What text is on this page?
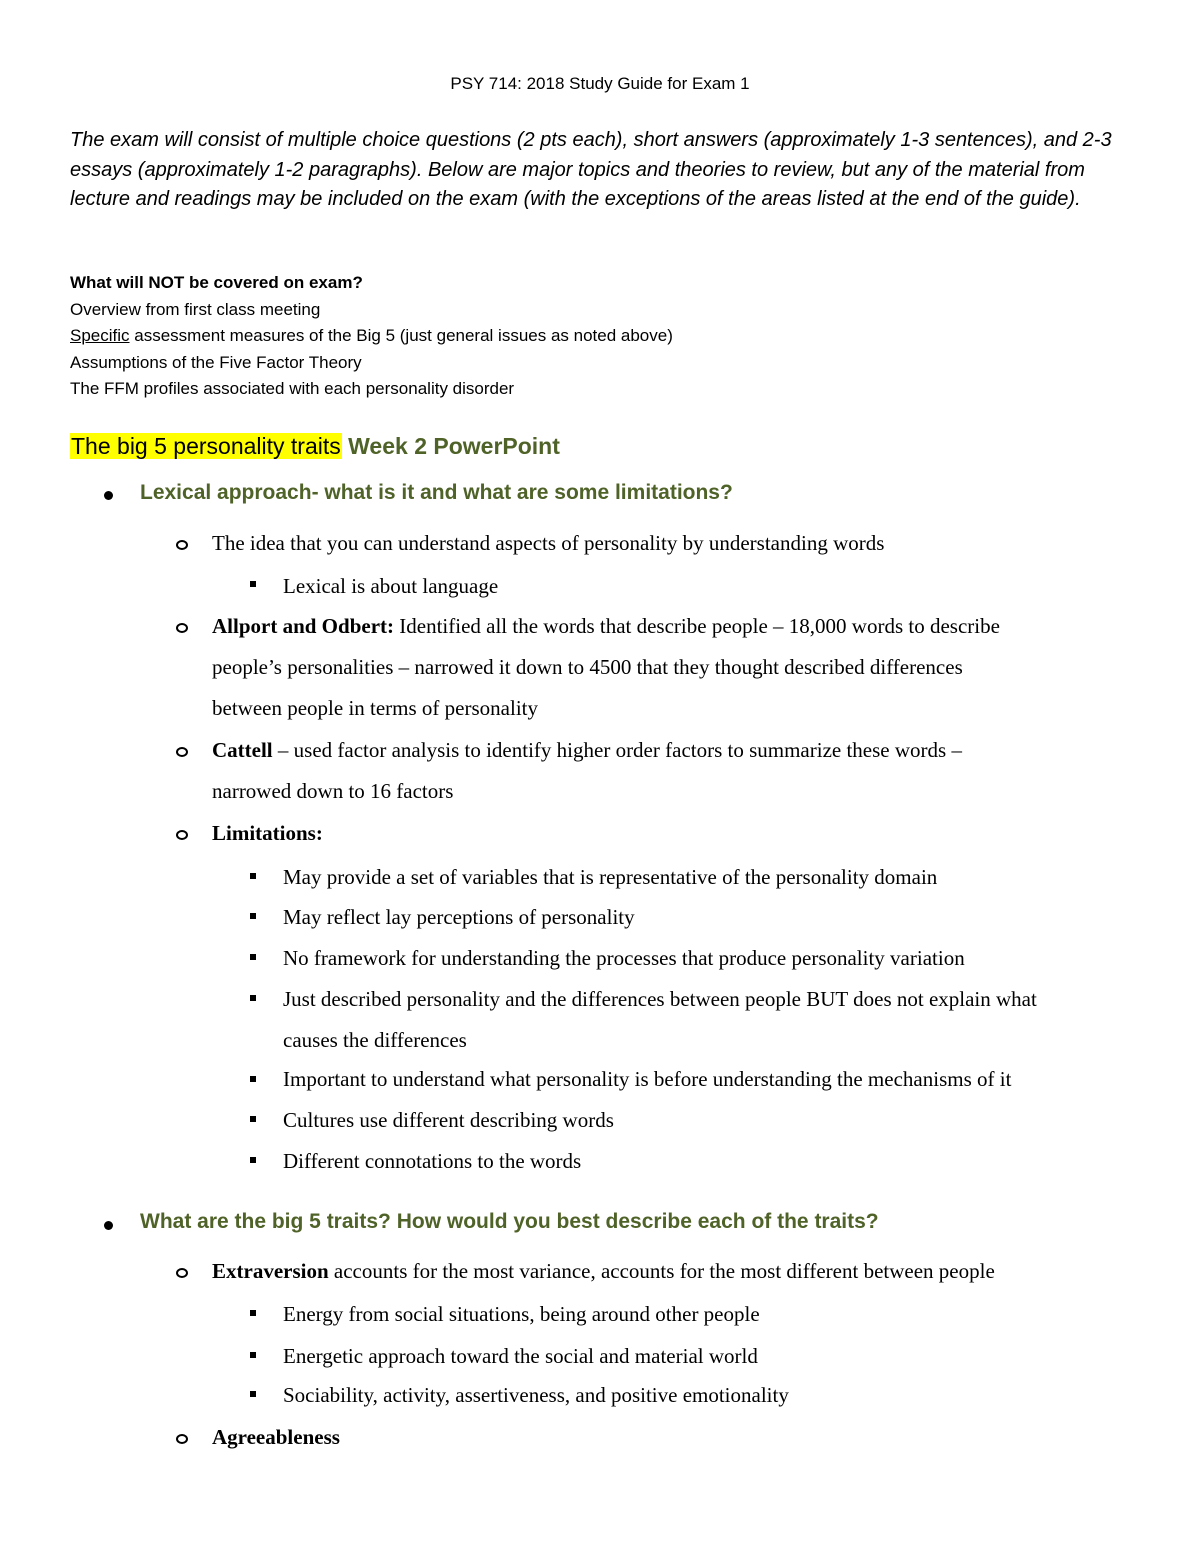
PSY 714: 2018 Study Guide for Exam 1
The exam will consist of multiple choice questions (2 pts each), short answers (approximately 1-3 sentences), and 2-3 essays (approximately 1-2 paragraphs). Below are major topics and theories to review, but any of the material from lecture and readings may be included on the exam (with the exceptions of the areas listed at the end of the guide).
What will NOT be covered on exam?
Overview from first class meeting
Specific assessment measures of the Big 5 (just general issues as noted above)
Assumptions of the Five Factor Theory
The FFM profiles associated with each personality disorder
The big 5 personality traits Week 2 PowerPoint
Lexical approach- what is it and what are some limitations?
The idea that you can understand aspects of personality by understanding words
Lexical is about language
Allport and Odbert: Identified all the words that describe people – 18,000 words to describe
people’s personalities – narrowed it down to 4500 that they thought described differences
between people in terms of personality
Cattell – used factor analysis to identify higher order factors to summarize these words –
narrowed down to 16 factors
Limitations:
May provide a set of variables that is representative of the personality domain
May reflect lay perceptions of personality
No framework for understanding the processes that produce personality variation
Just described personality and the differences between people BUT does not explain what
causes the differences
Important to understand what personality is before understanding the mechanisms of it
Cultures use different describing words
Different connotations to the words
What are the big 5 traits? How would you best describe each of the traits?
Extraversion accounts for the most variance, accounts for the most different between people
Energy from social situations, being around other people
Energetic approach toward the social and material world
Sociability, activity, assertiveness, and positive emotionality
Agreeableness
